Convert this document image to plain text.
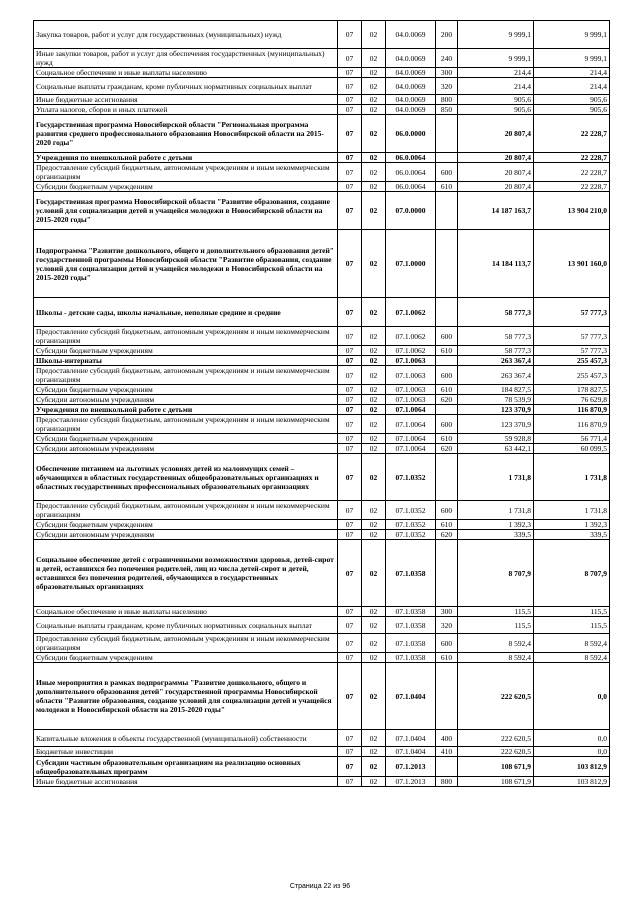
Закупка товаров, работ и услуг для государственных (муниципальных) нужд	07	02	04.0.0069	200	9 999,1	9 999,1
Иные закупки товаров, работ и услуг для обеспечения государственных (муниципальных) нужд	07	02	04.0.0069	240	9 999,1	9 999,1
Социальное обеспечение и иные выплаты населению	07	02	04.0.0069	300	214,4	214,4
Социальные выплаты гражданам, кроме публичных нормативных социальных выплат	07	02	04.0.0069	320	214,4	214,4
Иные бюджетные ассигнования	07	02	04.0.0069	800	905,6	905,6
Уплата налогов, сборов и иных платежей	07	02	04.0.0069	850	905,6	905,6
Государственная программа Новосибирской области "Региональная программа развития среднего профессионального образования Новосибирской области на 2015-2020 годы"	07	02	06.0.0000		20 807,4	22 228,7
Учреждения по внешкольной работе с детьми	07	02	06.0.0064		20 807,4	22 228,7
Предоставление субсидий бюджетным, автономным учреждениям и иным некоммерческим организациям	07	02	06.0.0064	600	20 807,4	22 228,7
Субсидии бюджетным учреждениям	07	02	06.0.0064	610	20 807,4	22 228,7
Государственная программа Новосибирской области "Развитие образования, создание условий для социализации детей и учащейся молодежи в Новосибирской области на 2015-2020 годы"	07	02	07.0.0000		14 187 163,7	13 904 210,0
Подпрограмма "Развитие дошкольного, общего и дополнительного образования детей" государственной программы Новосибирской области "Развитие образования, создание условий для социализации детей и учащейся молодежи в Новосибирской области на 2015-2020 годы"	07	02	07.1.0000		14 184 113,7	13 901 160,0
Школы - детские сады, школы начальные, неполные средние и средние	07	02	07.1.0062		58 777,3	57 777,3
Предоставление субсидий бюджетным, автономным учреждениям и иным некоммерческим организациям	07	02	07.1.0062	600	58 777,3	57 777,3
Субсидии бюджетным учреждениям	07	02	07.1.0062	610	58 777,3	57 777,3
Школы-интернаты	07	02	07.1.0063		263 367,4	255 457,3
Предоставление субсидий бюджетным, автономным учреждениям и иным некоммерческим организациям	07	02	07.1.0063	600	263 367,4	255 457,3
Субсидии бюджетным учреждениям	07	02	07.1.0063	610	184 827,5	178 827,5
Субсидии автономным учреждениям	07	02	07.1.0063	620	78 539,9	76 629,8
Учреждения по внешкольной работе с детьми	07	02	07.1.0064		123 370,9	116 870,9
Предоставление субсидий бюджетным, автономным учреждениям и иным некоммерческим организациям	07	02	07.1.0064	600	123 370,9	116 870,9
Субсидии бюджетным учреждениям	07	02	07.1.0064	610	59 928,8	56 771,4
Субсидии автономным учреждениям	07	02	07.1.0064	620	63 442,1	60 099,5
Обеспечение питанием на льготных условиях детей из малоимущих семей – обучающихся в областных государственных общеобразовательных организациях и областных государственных профессиональных образовательных организациях	07	02	07.1.0352		1 731,8	1 731,8
Предоставление субсидий бюджетным, автономным учреждениям и иным некоммерческим организациям	07	02	07.1.0352	600	1 731,8	1 731,8
Субсидии бюджетным учреждениям	07	02	07.1.0352	610	1 392,3	1 392,3
Субсидии автономным учреждениям	07	02	07.1.0352	620	339,5	339,5
Социальное обеспечение детей с ограниченными возможностями здоровья, детей-сирот и детей, оставшихся без попечения родителей, лиц из числа детей-сирот и детей, оставшихся без попечения родителей, обучающихся в государственных образовательных организациях	07	02	07.1.0358		8 707,9	8 707,9
Социальное обеспечение и иные выплаты населению	07	02	07.1.0358	300	115,5	115,5
Социальные выплаты гражданам, кроме публичных нормативных социальных выплат	07	02	07.1.0358	320	115,5	115,5
Предоставление субсидий бюджетным, автономным учреждениям и иным некоммерческим организациям	07	02	07.1.0358	600	8 592,4	8 592,4
Субсидии бюджетным учреждениям	07	02	07.1.0358	610	8 592,4	8 592,4
Иные мероприятия в рамках подпрограммы "Развитие дошкольного, общего и дополнительного образования детей" государственной программы Новосибирской области "Развитие образования, создание условий для социализации детей и учащейся молодежи в Новосибирской области на 2015-2020 годы"	07	02	07.1.0404		222 620,5	0,0
Капитальные вложения в объекты государственной (муниципальной) собственности	07	02	07.1.0404	400	222 620,5	0,0
Бюджетные инвестиции	07	02	07.1.0404	410	222 620,5	0,0
Субсидии частным образовательным организациям на реализацию основных общеобразовательных программ	07	02	07.1.2013		108 671,9	103 812,9
Иные бюджетные ассигнования	07	02	07.1.2013	800	108 671,9	103 812,9
Страница 22 из 96
